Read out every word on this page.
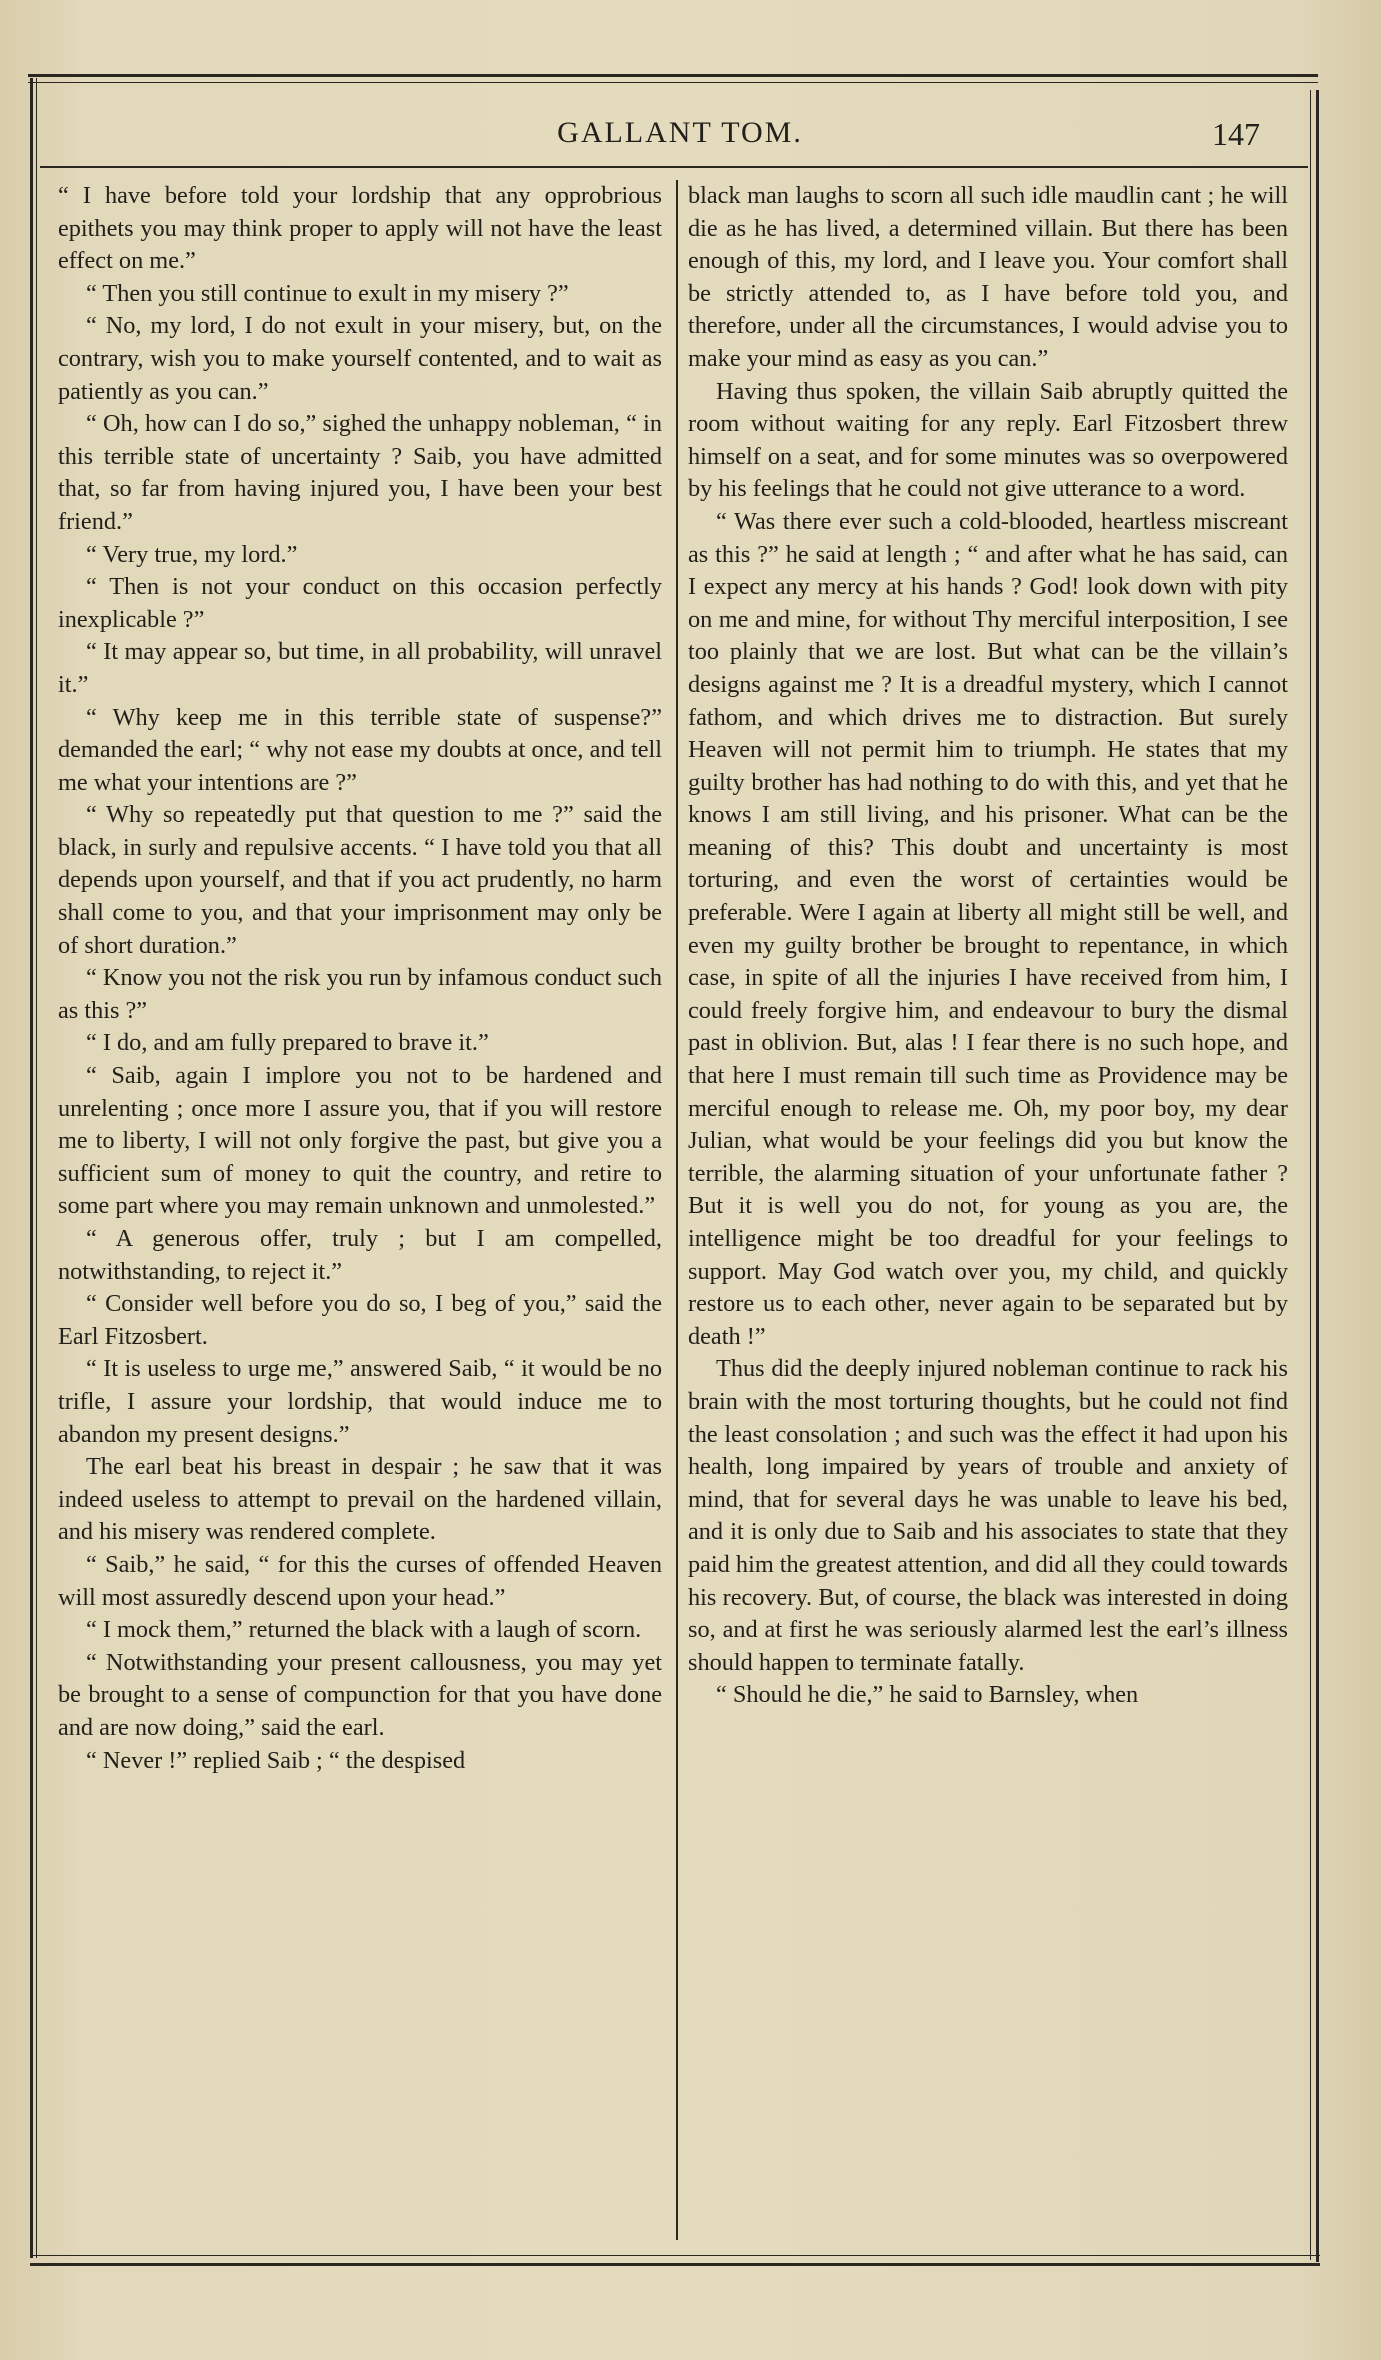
GALLANT TOM.	147

“ I have before told your lordship that any opprobrious epithets you may think proper to apply will not have the least effect on me.”

“ Then you still continue to exult in my misery ?”

“ No, my lord, I do not exult in your misery, but, on the contrary, wish you to make yourself contented, and to wait as patiently as you can.”

“ Oh, how can I do so,” sighed the unhappy nobleman, “ in this terrible state of uncertainty ? Saib, you have admitted that, so far from having injured you, I have been your best friend.”

“ Very true, my lord.”

“ Then is not your conduct on this occasion perfectly inexplicable ?”

“ It may appear so, but time, in all probability, will unravel it.”

“ Why keep me in this terrible state of suspense?” demanded the earl; “ why not ease my doubts at once, and tell me what your intentions are ?”

“ Why so repeatedly put that question to me ?” said the black, in surly and repulsive accents. “ I have told you that all depends upon yourself, and that if you act prudently, no harm shall come to you, and that your imprisonment may only be of short duration.”

“ Know you not the risk you run by infamous conduct such as this ?”

“ I do, and am fully prepared to brave it.”

“ Saib, again I implore you not to be hardened and unrelenting ; once more I assure you, that if you will restore me to liberty, I will not only forgive the past, but give you a sufficient sum of money to quit the country, and retire to some part where you may remain unknown and unmolested.”

“ A generous offer, truly ; but I am compelled, notwithstanding, to reject it.”

“ Consider well before you do so, I beg of you,” said the Earl Fitzosbert.

“ It is useless to urge me,” answered Saib, “ it would be no trifle, I assure your lordship, that would induce me to abandon my present designs.”

The earl beat his breast in despair ; he saw that it was indeed useless to attempt to prevail on the hardened villain, and his misery was rendered complete.

“ Saib,” he said, “ for this the curses of offended Heaven will most assuredly descend upon your head.”

“ I mock them,” returned the black with a laugh of scorn.

“ Notwithstanding your present callousness, you may yet be brought to a sense of compunction for that you have done and are now doing,” said the earl.

“ Never !” replied Saib ; “ the despised

black man laughs to scorn all such idle maudlin cant ; he will die as he has lived, a determined villain. But there has been enough of this, my lord, and I leave you. Your comfort shall be strictly attended to, as I have before told you, and therefore, under all the circumstances, I would advise you to make your mind as easy as you can.”

Having thus spoken, the villain Saib abruptly quitted the room without waiting for any reply. Earl Fitzosbert threw himself on a seat, and for some minutes was so overpowered by his feelings that he could not give utterance to a word.

“ Was there ever such a cold-blooded, heartless miscreant as this ?” he said at length ; “ and after what he has said, can I expect any mercy at his hands ? God! look down with pity on me and mine, for without Thy merciful interposition, I see too plainly that we are lost. But what can be the villain’s designs against me ? It is a dreadful mystery, which I cannot fathom, and which drives me to distraction. But surely Heaven will not permit him to triumph. He states that my guilty brother has had nothing to do with this, and yet that he knows I am still living, and his prisoner. What can be the meaning of this? This doubt and uncertainty is most torturing, and even the worst of certainties would be preferable. Were I again at liberty all might still be well, and even my guilty brother be brought to repentance, in which case, in spite of all the injuries I have received from him, I could freely forgive him, and endeavour to bury the dismal past in oblivion. But, alas ! I fear there is no such hope, and that here I must remain till such time as Providence may be merciful enough to release me. Oh, my poor boy, my dear Julian, what would be your feelings did you but know the terrible, the alarming situation of your unfortunate father ? But it is well you do not, for young as you are, the intelligence might be too dreadful for your feelings to support. May God watch over you, my child, and quickly restore us to each other, never again to be separated but by death !”

Thus did the deeply injured nobleman continue to rack his brain with the most torturing thoughts, but he could not find the least consolation ; and such was the effect it had upon his health, long impaired by years of trouble and anxiety of mind, that for several days he was unable to leave his bed, and it is only due to Saib and his associates to state that they paid him the greatest attention, and did all they could towards his recovery. But, of course, the black was interested in doing so, and at first he was seriously alarmed lest the earl’s illness should happen to terminate fatally.

“ Should he die,” he said to Barnsley, when
